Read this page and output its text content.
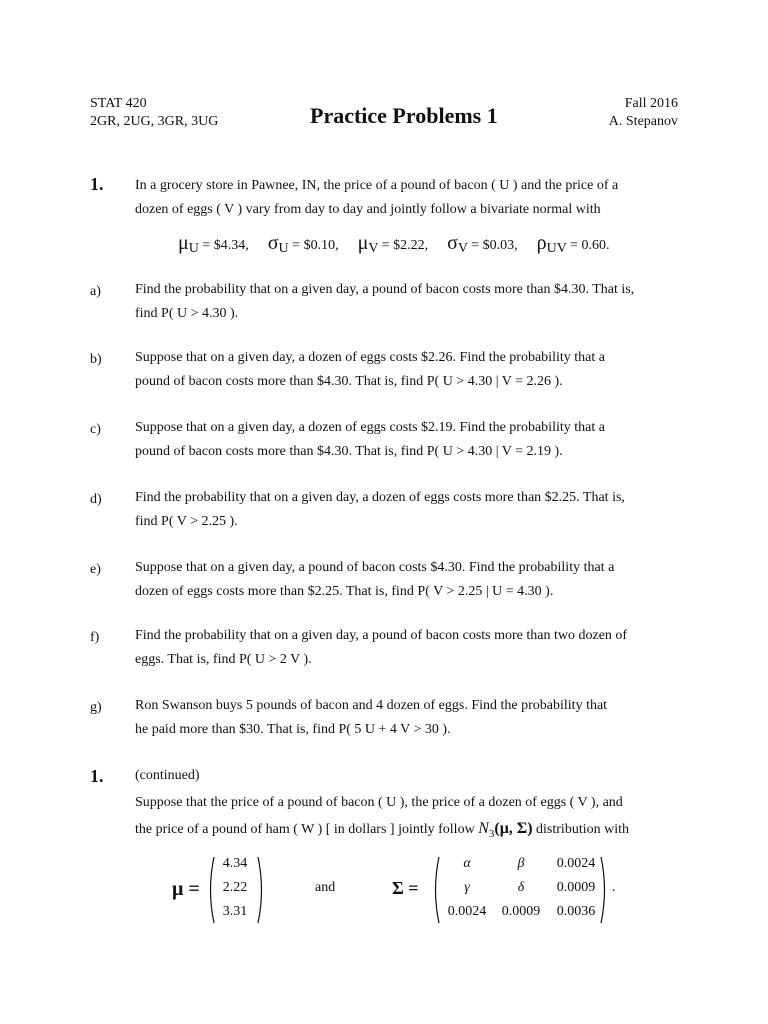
STAT 420
2GR, 2UG, 3GR, 3UG	Practice Problems 1	Fall 2016
A. Stepanov
1. In a grocery store in Pawnee, IN, the price of a pound of bacon ( U ) and the price of a
dozen of eggs ( V ) vary from day to day and jointly follow a bivariate normal with
μU = $4.34, σU = $0.10, μV = $2.22, σV = $0.03, ρUV = 0.60.
a) Find the probability that on a given day, a pound of bacon costs more than $4.30. That is,
find P( U > 4.30 ).
b) Suppose that on a given day, a dozen of eggs costs $2.26. Find the probability that a
pound of bacon costs more than $4.30. That is, find P( U > 4.30 | V = 2.26 ).
c) Suppose that on a given day, a dozen of eggs costs $2.19. Find the probability that a
pound of bacon costs more than $4.30. That is, find P( U > 4.30 | V = 2.19 ).
d) Find the probability that on a given day, a dozen of eggs costs more than $2.25. That is,
find P( V > 2.25 ).
e) Suppose that on a given day, a pound of bacon costs $4.30. Find the probability that a
dozen of eggs costs more than $2.25. That is, find P( V > 2.25 | U = 4.30 ).
f)	Find the probability that on a given day, a pound of bacon costs more than two dozen of
eggs. That is, find P( U > 2 V ).
g) Ron Swanson buys 5 pounds of bacon and 4 dozen of eggs. Find the probability that
he paid more than $30. That is, find P( 5 U + 4 V > 30 ).
1. (continued)
Suppose that the price of a pound of bacon ( U ), the price of a dozen of eggs ( V ), and
the price of a pound of ham ( W ) [ in dollars ] jointly follow $N_3(\mu$, Σ) distribution with
μ =
4.34
2.22
3.31
and	Σ =
α	β	0.0024
γ	δ	0.0009
0.0024	0.0009	0.0036
.
